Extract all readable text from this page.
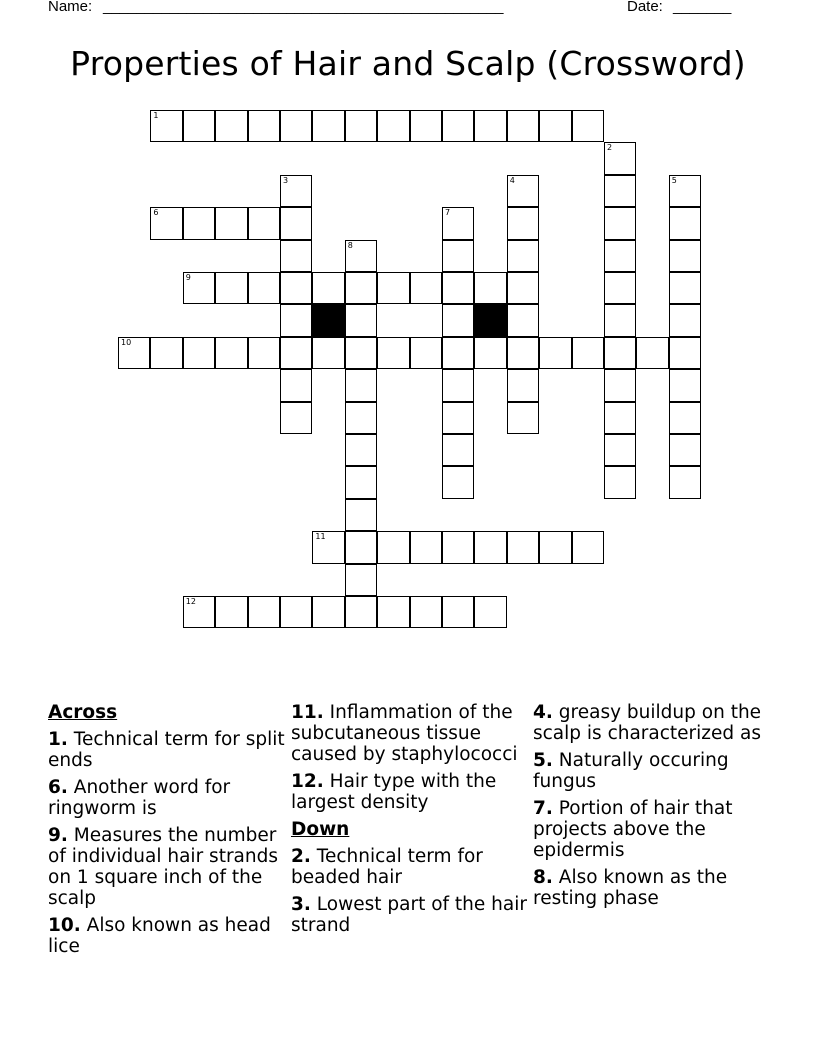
Name: ________________________________________________	Date: _______
Properties of Hair and Scalp (Crossword)
1
6
9
10
11
12
2
3	4	5
7
8
Across
1. Technical term for split ends
6. Another word for ringworm is
9. Measures the number of individual hair strands on 1 square inch of the scalp
10. Also known as head lice
11. Inflammation of the subcutaneous tissue caused by staphylococci
12. Hair type with the largest density
Down
2. Technical term for beaded hair
3. Lowest part of the hair strand
4. greasy buildup on the scalp is characterized as
5. Naturally occuring fungus
7. Portion of hair that projects above the epidermis
8. Also known as the resting phase
